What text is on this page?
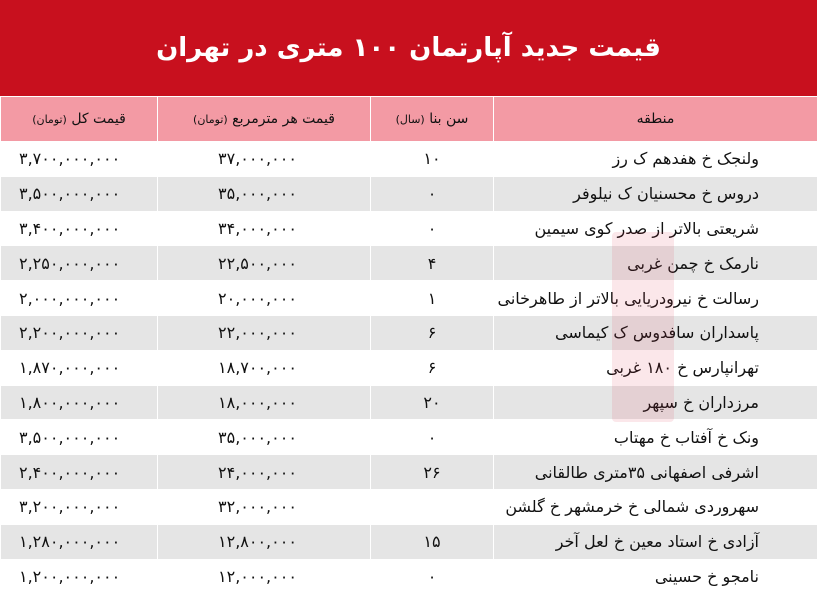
قیمت جدید آپارتمان ۱۰۰ متری در تهران
منطقه	سن بنا (سال)	قیمت هر مترمربع (تومان)	قیمت کل (تومان)
ولنجک خ هفدهم ک رز	۱۰	۳۷,۰۰۰,۰۰۰	۳,۷۰۰,۰۰۰,۰۰۰
دروس خ محسنیان ک نیلوفر	۰	۳۵,۰۰۰,۰۰۰	۳,۵۰۰,۰۰۰,۰۰۰
شریعتی بالاتر از صدر کوی سیمین	۰	۳۴,۰۰۰,۰۰۰	۳,۴۰۰,۰۰۰,۰۰۰
نارمک خ چمن غربی	۴	۲۲,۵۰۰,۰۰۰	۲,۲۵۰,۰۰۰,۰۰۰
رسالت خ نیرودریایی بالاتر از طاهرخانی	۱	۲۰,۰۰۰,۰۰۰	۲,۰۰۰,۰۰۰,۰۰۰
پاسداران سافدوس ک کیماسی	۶	۲۲,۰۰۰,۰۰۰	۲,۲۰۰,۰۰۰,۰۰۰
تهرانپارس خ ۱۸۰ غربی	۶	۱۸,۷۰۰,۰۰۰	۱,۸۷۰,۰۰۰,۰۰۰
مرزداران خ سپهر	۲۰	۱۸,۰۰۰,۰۰۰	۱,۸۰۰,۰۰۰,۰۰۰
ونک خ آفتاب خ مهتاب	۰	۳۵,۰۰۰,۰۰۰	۳,۵۰۰,۰۰۰,۰۰۰
اشرفی اصفهانی ۳۵متری طالقانی	۲۶	۲۴,۰۰۰,۰۰۰	۲,۴۰۰,۰۰۰,۰۰۰
سهروردی شمالی خ خرمشهر خ گلشن		۳۲,۰۰۰,۰۰۰	۳,۲۰۰,۰۰۰,۰۰۰
آزادی خ استاد معین خ لعل آخر	۱۵	۱۲,۸۰۰,۰۰۰	۱,۲۸۰,۰۰۰,۰۰۰
نامجو خ حسینی	۰	۱۲,۰۰۰,۰۰۰	۱,۲۰۰,۰۰۰,۰۰۰
